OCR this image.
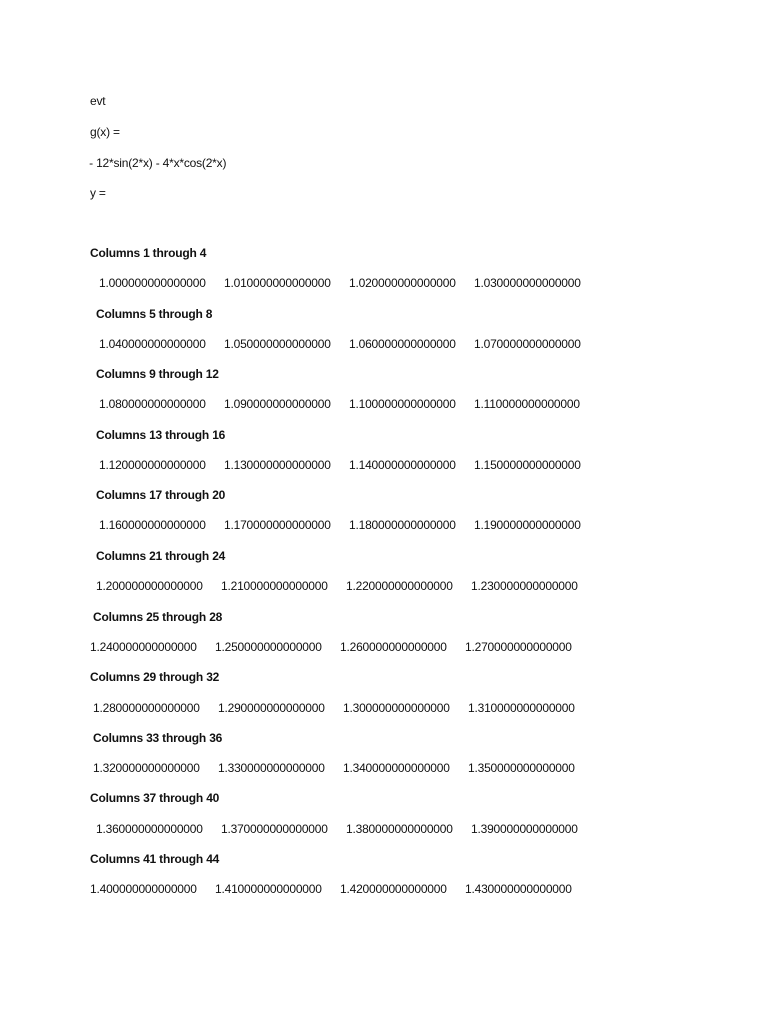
evt
g(x) =
- 12*sin(2*x) - 4*x*cos(2*x)
y =
Columns 1 through 4
1.000000000000000 1.010000000000000 1.020000000000000 1.030000000000000
Columns 5 through 8
1.040000000000000 1.050000000000000 1.060000000000000 1.070000000000000
Columns 9 through 12
1.080000000000000 1.090000000000000 1.100000000000000 1.110000000000000
Columns 13 through 16
1.120000000000000 1.130000000000000 1.140000000000000 1.150000000000000
Columns 17 through 20
1.160000000000000 1.170000000000000 1.180000000000000 1.190000000000000
Columns 21 through 24
1.200000000000000 1.210000000000000 1.220000000000000 1.230000000000000
Columns 25 through 28
1.240000000000000 1.250000000000000 1.260000000000000 1.270000000000000
Columns 29 through 32
1.280000000000000 1.290000000000000 1.300000000000000 1.310000000000000
Columns 33 through 36
1.320000000000000 1.330000000000000 1.340000000000000 1.350000000000000
Columns 37 through 40
1.360000000000000 1.370000000000000 1.380000000000000 1.390000000000000
Columns 41 through 44
1.400000000000000 1.410000000000000 1.420000000000000 1.430000000000000
